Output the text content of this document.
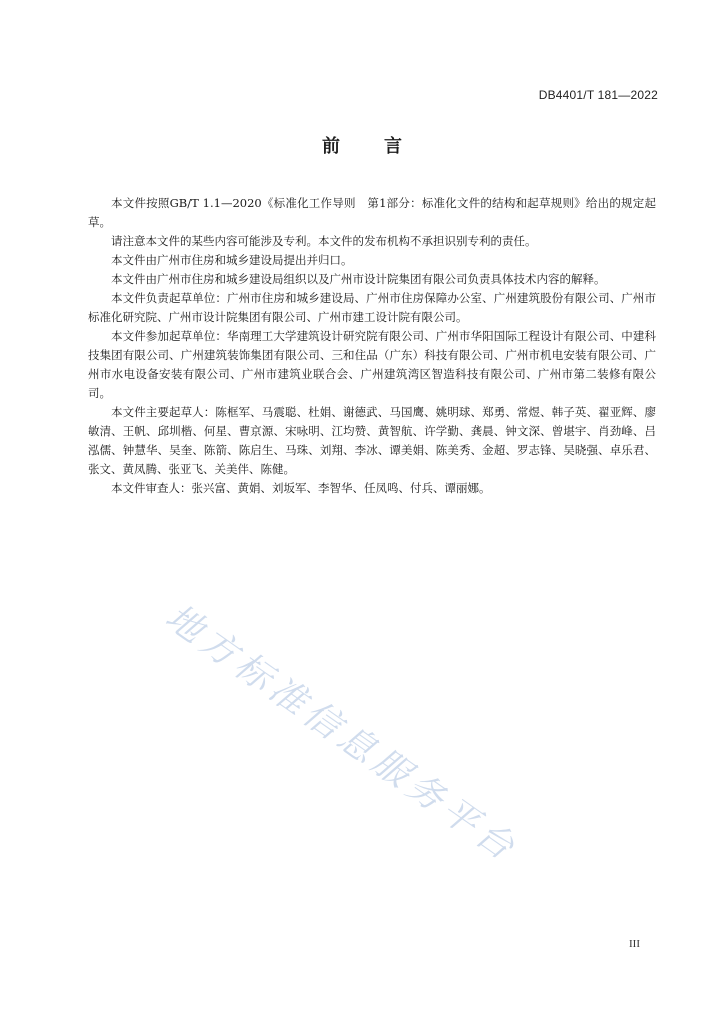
DB4401/T 181—2022
前 言

本文件按照GB/T 1.1—2020《标准化工作导则　第1部分：标准化文件的结构和起草规则》给出的规定起草。

请注意本文件的某些内容可能涉及专利。本文件的发布机构不承担识别专利的责任。

本文件由广州市住房和城乡建设局提出并归口。

本文件由广州市住房和城乡建设局组织以及广州市设计院集团有限公司负责具体技术内容的解释。

本文件负责起草单位：广州市住房和城乡建设局、广州市住房保障办公室、广州建筑股份有限公司、广州市标准化研究院、广州市设计院集团有限公司、广州市建工设计院有限公司。

本文件参加起草单位：华南理工大学建筑设计研究院有限公司、广州市华阳国际工程设计有限公司、中建科技集团有限公司、广州建筑装饰集团有限公司、三和住品（广东）科技有限公司、广州市机电安装有限公司、广州市水电设备安装有限公司、广州市建筑业联合会、广州建筑湾区智造科技有限公司、广州市第二装修有限公司。

本文件主要起草人：陈框军、马震聪、杜娟、谢德武、马国鹰、姚明球、郑勇、常煜、韩子英、翟亚辉、廖敏清、王帆、邱圳楷、何星、曹京源、宋咏明、江均赞、黄智航、许学勤、龚晨、钟文深、曾堪宇、肖劲峰、吕泓儒、钟慧华、吴奎、陈箭、陈启生、马珠、刘翔、李冰、谭美娟、陈美秀、金超、罗志锋、吴晓强、卓乐君、张文、黄凤腾、张亚飞、关美伴、陈健。

本文件审查人：张兴富、黄娟、刘坂军、李智华、任凤鸣、付兵、谭丽娜。

地方标准信息服务平台
III
